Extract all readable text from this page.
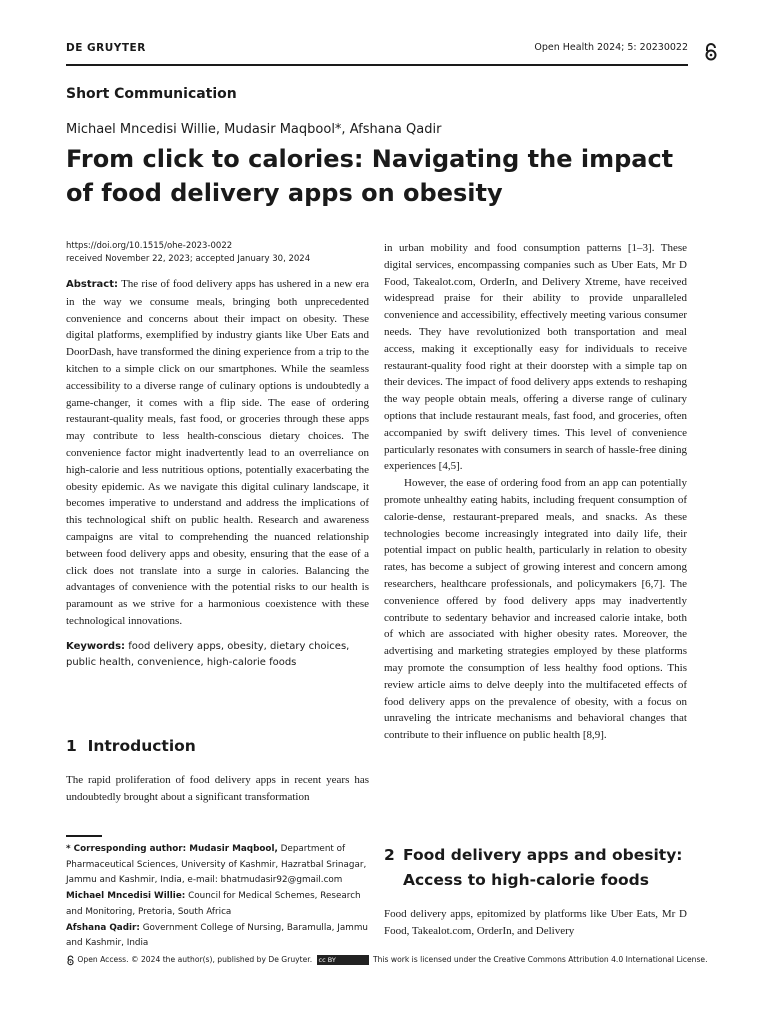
DE GRUYTER	Open Health 2024; 5: 20230022
Short Communication
Michael Mncedisi Willie, Mudasir Maqbool*, Afshana Qadir
From click to calories: Navigating the impact of food delivery apps on obesity
https://doi.org/10.1515/ohe-2023-0022
received November 22, 2023; accepted January 30, 2024

Abstract: The rise of food delivery apps has ushered in a new era in the way we consume meals, bringing both unprecedented convenience and concerns about their impact on obesity. These digital platforms, exemplified by industry giants like Uber Eats and DoorDash, have transformed the dining experience from a trip to the kitchen to a simple click on our smartphones. While the seamless accessibility to a diverse range of culinary options is undoubtedly a game-changer, it comes with a flip side. The ease of ordering restaurant-quality meals, fast food, or groceries through these apps may contribute to less health-conscious dietary choices. The convenience factor might inadvertently lead to an overreliance on high-calorie and less nutritious options, potentially exacerbating the obesity epidemic. As we navigate this digital culinary landscape, it becomes imperative to understand and address the implications of this technological shift on public health. Research and awareness campaigns are vital to comprehending the nuanced relationship between food delivery apps and obesity, ensuring that the ease of a click does not translate into a surge in calories. Balancing the advantages of convenience with the potential risks to our health is paramount as we strive for a harmonious coexistence with these technological innovations.

Keywords: food delivery apps, obesity, dietary choices, public health, convenience, high-calorie foods

1 Introduction

The rapid proliferation of food delivery apps in recent years has undoubtedly brought about a significant transformation

* Corresponding author: Mudasir Maqbool, Department of Pharmaceutical Sciences, University of Kashmir, Hazratbal Srinagar, Jammu and Kashmir, India, e-mail: bhatmudasir92@gmail.com

Michael Mncedisi Willie: Council for Medical Schemes, Research and Monitoring, Pretoria, South Africa

Afshana Qadir: Government College of Nursing, Baramulla, Jammu and Kashmir, India

in urban mobility and food consumption patterns [1–3]. These digital services, encompassing companies such as Uber Eats, Mr D Food, Takealot.com, OrderIn, and Delivery Xtreme, have received widespread praise for their ability to provide unparalleled convenience and accessibility, effectively meeting various consumer needs. They have revolutionized both transportation and meal access, making it exceptionally easy for individuals to receive restaurant-quality food right at their doorstep with a simple tap on their devices. The impact of food delivery apps extends to reshaping the way people obtain meals, offering a diverse range of culinary options that include restaurant meals, fast food, and groceries, often accompanied by swift delivery times. This level of convenience particularly resonates with consumers in search of hassle-free dining experiences [4,5].

However, the ease of ordering food from an app can potentially promote unhealthy eating habits, including frequent consumption of calorie-dense, restaurant-prepared meals, and snacks. As these technologies become increasingly integrated into daily life, their potential impact on public health, particularly in relation to obesity rates, has become a subject of growing interest and concern among researchers, healthcare professionals, and policymakers [6,7]. The convenience offered by food delivery apps may inadvertently contribute to sedentary behavior and increased calorie intake, both of which are associated with higher obesity rates. Moreover, the advertising and marketing strategies employed by these platforms may promote the consumption of less healthy food options. This review article aims to delve deeply into the multifaceted effects of food delivery apps on the prevalence of obesity, with a focus on unraveling the intricate mechanisms and behavioral changes that contribute to their influence on public health [8,9].

2 Food delivery apps and obesity:
Access to high-calorie foods

Food delivery apps, epitomized by platforms like Uber Eats, Mr D Food, Takealot.com, OrderIn, and Delivery

Open Access. © 2024 the author(s), published by De Gruyter. cc BY	This work is licensed under the Creative Commons Attribution 4.0 International License.
